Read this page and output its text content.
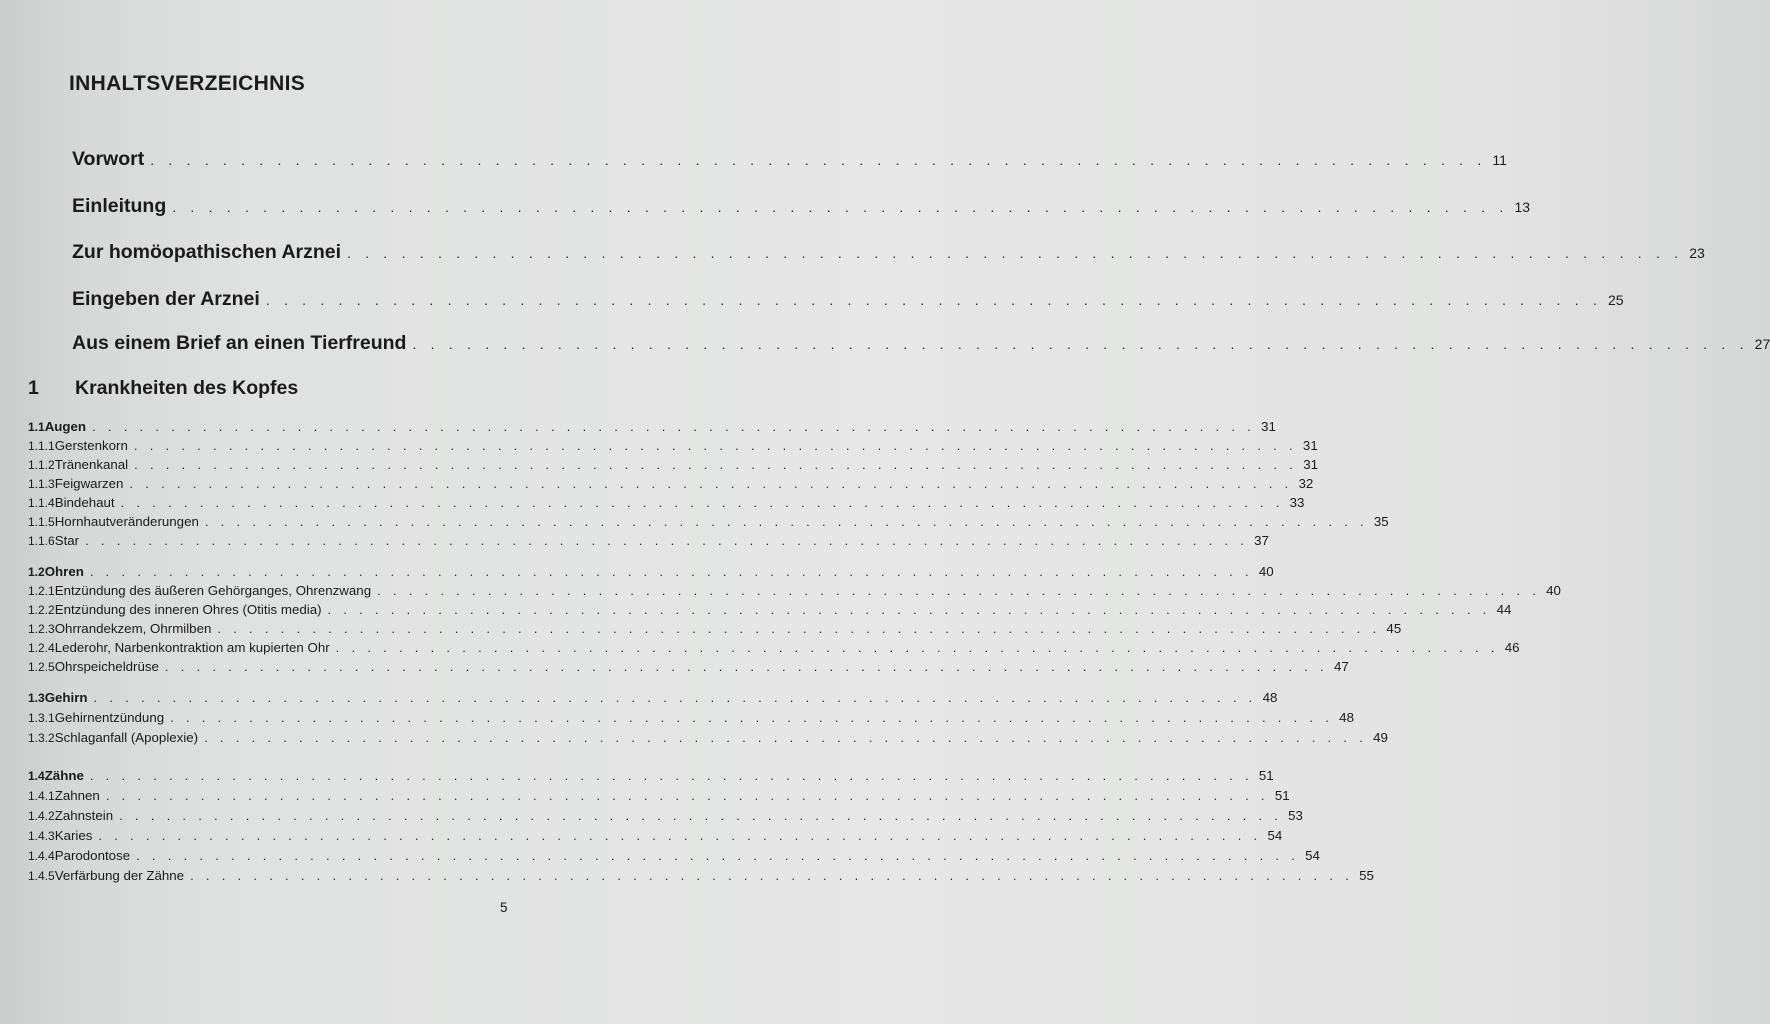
INHALTSVERZEICHNIS
Vorwort . . . . . . . . . . . . . . . . . . . . . . . . . . . . . . . . . . . . . . . . . . . . . . . . . . . . . . . . . . . . . . . . . . . . . . . . . . 11
Einleitung . . . . . . . . . . . . . . . . . . . . . . . . . . . . . . . . . . . . . . . . . . . . . . . . . . . . . . . . . . . . . . . . . . . . . . . . . . 13
Zur homöopathischen Arznei . . . . . . . . . . . . . . . . . . . . . . . . . . . . . . . . . . . . . . . . . . . . . . . . . . . . . . . . . . . . . . . . . . . . . . . . . . 23
Eingeben der Arznei . . . . . . . . . . . . . . . . . . . . . . . . . . . . . . . . . . . . . . . . . . . . . . . . . . . . . . . . . . . . . . . . . . . . . . . . . . 25
Aus einem Brief an einen Tierfreund . . . . . . . . . . . . . . . . . . . . . . . . . . . . . . . . . . . . . . . . . . . . . . . . . . . . . . . . . . . . . . . . . . . . . . . . . . 27
1	Krankheiten des Kopfes
1.1 Augen . . . . . . . . . . . . . . . . . . . . . . . . . . . . . . . . . . . . . . . . . . . . . . . . . . . . . . . . . . . . . . . . . . . . . . . . . . 31
1.1.1 Gerstenkorn . . . . . . . . . . . . . . . . . . . . . . . . . . . . . . . . . . . . . . . . . . . . . . . . . . . . . . . . . . . . . . . . . . . . . . . . . . 31
1.1.2 Tränenkanal . . . . . . . . . . . . . . . . . . . . . . . . . . . . . . . . . . . . . . . . . . . . . . . . . . . . . . . . . . . . . . . . . . . . . . . . . . 31
1.1.3 Feigwarzen . . . . . . . . . . . . . . . . . . . . . . . . . . . . . . . . . . . . . . . . . . . . . . . . . . . . . . . . . . . . . . . . . . . . . . . . . . 32
1.1.4 Bindehaut . . . . . . . . . . . . . . . . . . . . . . . . . . . . . . . . . . . . . . . . . . . . . . . . . . . . . . . . . . . . . . . . . . . . . . . . . . 33
1.1.5 Hornhautveränderungen . . . . . . . . . . . . . . . . . . . . . . . . . . . . . . . . . . . . . . . . . . . . . . . . . . . . . . . . . . . . . . . . . . . . . . . . . . 35
1.1.6 Star . . . . . . . . . . . . . . . . . . . . . . . . . . . . . . . . . . . . . . . . . . . . . . . . . . . . . . . . . . . . . . . . . . . . . . . . . . 37
1.2 Ohren . . . . . . . . . . . . . . . . . . . . . . . . . . . . . . . . . . . . . . . . . . . . . . . . . . . . . . . . . . . . . . . . . . . . . . . . . . 40
1.2.1 Entzündung des äußeren Gehörganges, Ohrenzwang . . . . . . . . . . . . . . . . . . . . . . . . . . . . . . . . . . . . . . . . . . . . . . . . . . . . . . . . . . . . . . . . . . . . . . . . . . 40
1.2.2 Entzündung des inneren Ohres (Otitis media) . . . . . . . . . . . . . . . . . . . . . . . . . . . . . . . . . . . . . . . . . . . . . . . . . . . . . . . . . . . . . . . . . . . . . . . . . . 44
1.2.3 Ohrrandekzem, Ohrmilben . . . . . . . . . . . . . . . . . . . . . . . . . . . . . . . . . . . . . . . . . . . . . . . . . . . . . . . . . . . . . . . . . . . . . . . . . . 45
1.2.4 Lederohr, Narbenkontraktion am kupierten Ohr . . . . . . . . . . . . . . . . . . . . . . . . . . . . . . . . . . . . . . . . . . . . . . . . . . . . . . . . . . . . . . . . . . . . . . . . . . 46
1.2.5 Ohrspeicheldrüse . . . . . . . . . . . . . . . . . . . . . . . . . . . . . . . . . . . . . . . . . . . . . . . . . . . . . . . . . . . . . . . . . . . . . . . . . . 47
1.3 Gehirn . . . . . . . . . . . . . . . . . . . . . . . . . . . . . . . . . . . . . . . . . . . . . . . . . . . . . . . . . . . . . . . . . . . . . . . . . . 48
1.3.1 Gehirnentzündung . . . . . . . . . . . . . . . . . . . . . . . . . . . . . . . . . . . . . . . . . . . . . . . . . . . . . . . . . . . . . . . . . . . . . . . . . . 48
1.3.2 Schlaganfall (Apoplexie) . . . . . . . . . . . . . . . . . . . . . . . . . . . . . . . . . . . . . . . . . . . . . . . . . . . . . . . . . . . . . . . . . . . . . . . . . . 49
1.4 Zähne . . . . . . . . . . . . . . . . . . . . . . . . . . . . . . . . . . . . . . . . . . . . . . . . . . . . . . . . . . . . . . . . . . . . . . . . . . 51
1.4.1 Zahnen . . . . . . . . . . . . . . . . . . . . . . . . . . . . . . . . . . . . . . . . . . . . . . . . . . . . . . . . . . . . . . . . . . . . . . . . . . 51
1.4.2 Zahnstein . . . . . . . . . . . . . . . . . . . . . . . . . . . . . . . . . . . . . . . . . . . . . . . . . . . . . . . . . . . . . . . . . . . . . . . . . . 53
1.4.3 Karies . . . . . . . . . . . . . . . . . . . . . . . . . . . . . . . . . . . . . . . . . . . . . . . . . . . . . . . . . . . . . . . . . . . . . . . . . . 54
1.4.4 Parodontose . . . . . . . . . . . . . . . . . . . . . . . . . . . . . . . . . . . . . . . . . . . . . . . . . . . . . . . . . . . . . . . . . . . . . . . . . . 54
1.4.5 Verfärbung der Zähne . . . . . . . . . . . . . . . . . . . . . . . . . . . . . . . . . . . . . . . . . . . . . . . . . . . . . . . . . . . . . . . . . . . . . . . . . . 55
5
